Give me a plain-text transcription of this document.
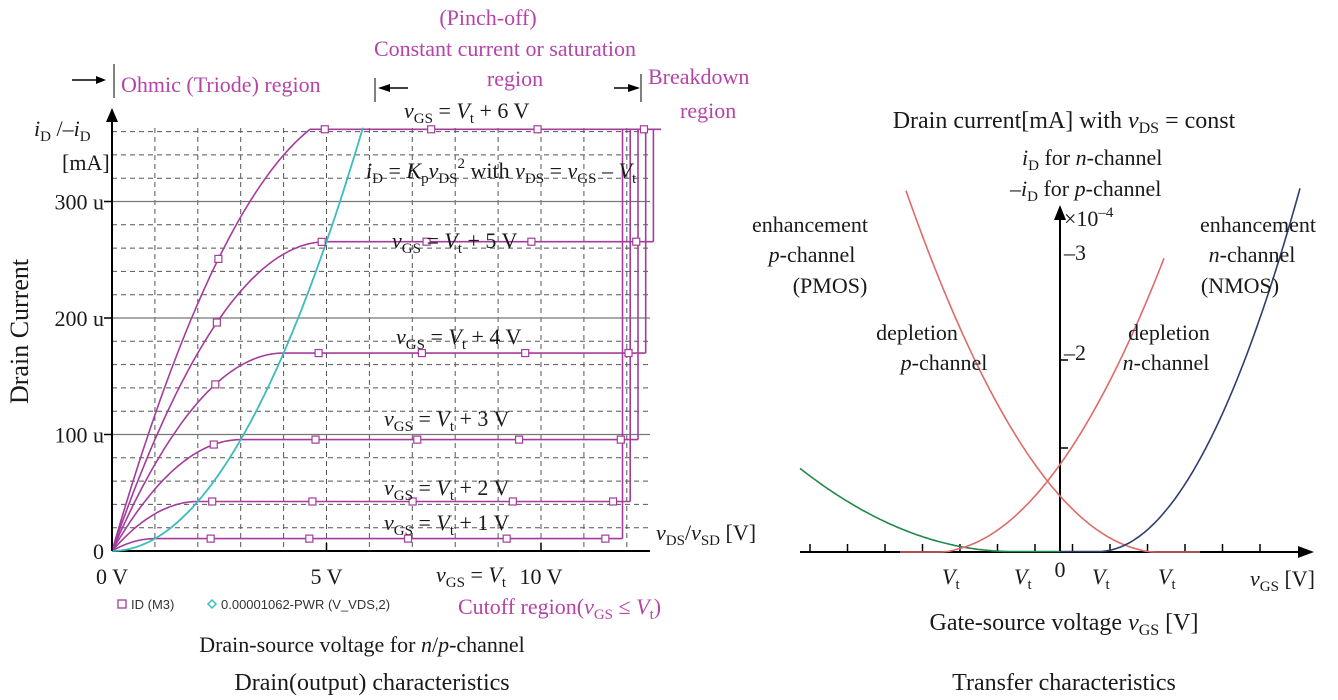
Ohmic (Triode) region
(Pinch-off)
Constant current or saturation
region	Breakdown
region
Drain Current
$i_D$ $/-i_D$
[mA]
0
100 u
200 u
300 u
0 V	5 V	10 V
$v_{DS}/v_{SD}$ [V]
$i_D = K_pv_{DS}^2$ with $v_{DS} = v_{GS} - V_t$
$v_{GS} = V_t + 1$ V
$v_{GS} = V_t + 2$ V
$v_{GS} = V_t + 3$ V
$v_{GS} = V_t + 4$ V
$v_{GS} = V_t + 5$ V
$v_{GS} = V_t + 6$ V
$v_{GS} = V_t$
Cutoff $region(v_{GS} \le V_t)$
ID (M3)	0.00001062-PWR (V_VDS,2)
Drain-source voltage for n/p-channel
Drain(output) characteristics
Drain current[mA] with $v_{DS}$ = const
$i_D$ for n-channel
$-i_D$ for p-channel
$\times 10^{-4}$
–3
–2
enhancement
p-channel
(PMOS)
depletion
p-channel
depletion
n-channel
enhancement
n-channel
(NMOS)
0
$V_t$ $V_t$	$V_t$ $V_t$	$v_{GS}$ [V]
Gate-source voltage $v_{GS}$ [V]
Transfer characteristics
